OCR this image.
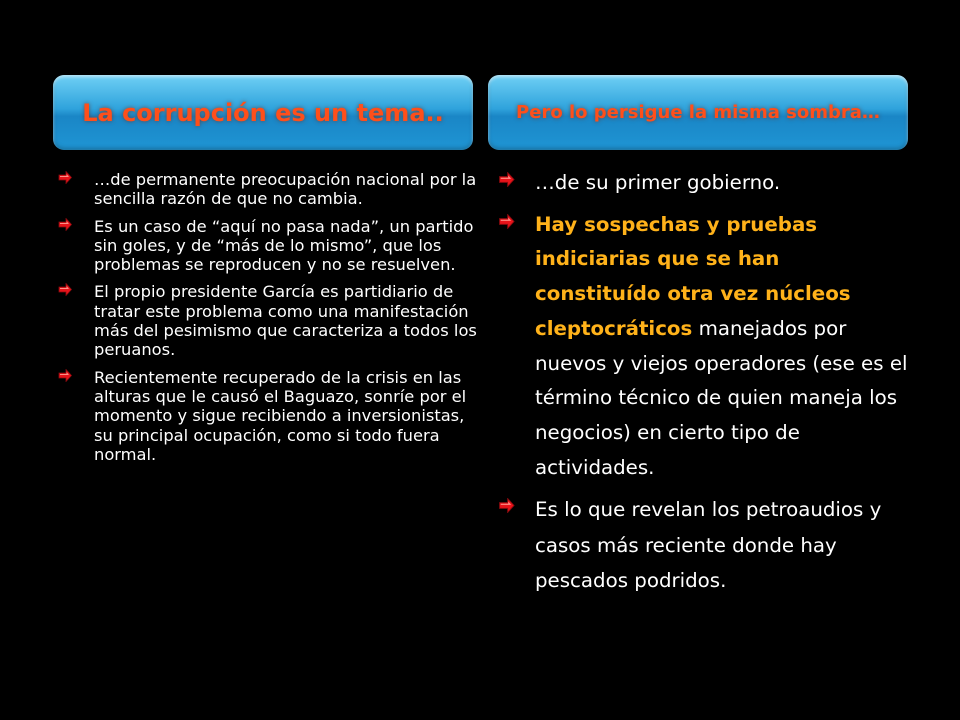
La corrupción es un tema..	Pero lo persigue la misma sombra…
…de permanente preocupación nacional por la sencilla razón de que no cambia.
Es un caso de “aquí no pasa nada”, un partido sin goles, y de “más de lo mismo”, que los problemas se reproducen y no se resuelven.
El propio presidente García es partidiario de tratar este problema como una manifestación más del pesimismo que caracteriza a todos los peruanos.
Recientemente recuperado de la crisis en las alturas que le causó el Baguazo, sonríe por el momento y sigue recibiendo a inversionistas, su principal ocupación, como si todo fuera normal.
…de su primer gobierno.
Hay sospechas y pruebas indiciarias que se han constituído otra vez núcleos cleptocráticos manejados por nuevos y viejos operadores (ese es el término técnico de quien maneja los negocios) en cierto tipo de actividades.
Es lo que revelan los petroaudios y casos más reciente donde hay pescados podridos.
